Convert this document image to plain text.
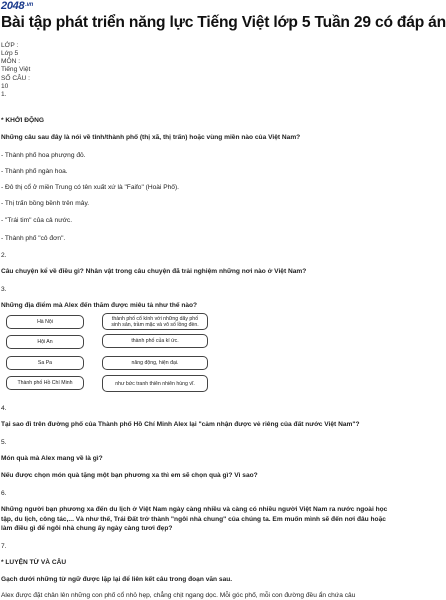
$2048^{.vn}$
Bài tập phát triển năng lực Tiếng Việt lớp 5 Tuần 29 có đáp án
LỚP :
Lớp 5
MÔN :
Tiếng Việt
SỐ CÂU :
10
1.
* KHỞI ĐỘNG
Những câu sau đây là nói về tỉnh/thành phố (thị xã, thị trấn) hoặc vùng miền nào của Việt Nam?
- Thành phố hoa phượng đỏ.
- Thành phố ngàn hoa.
- Đô thị cổ ở miền Trung có tên xuất xứ là "Faifo" (Hoài Phố).
- Thị trấn bồng bềnh trên mây.
- "Trái tim" của cả nước.
- Thành phố "cô đơn".
2.
Câu chuyện kể về điều gì? Nhân vật trong câu chuyện đã trải nghiệm những nơi nào ở Việt Nam?
3.
Những địa điểm mà Alex đến thăm được miêu tả như thế nào?
Hà Nội
Hội An
Sa Pa
Thành phố Hồ Chí Minh
thành phố cổ kính với những dãy phố sinh sản, trầm mặc và vô số lồng đèn.
thành phố của kí ức.
năng động, hiện đại.
như bức tranh thiên nhiên hùng vĩ.
4.
Tại sao đi trên đường phố của Thành phố Hồ Chí Minh Alex lại "cảm nhận được vẻ riêng của đất nước Việt Nam"?
5.
Món quà mà Alex mang về là gì?
Nếu được chọn món quà tặng một bạn phương xa thì em sẽ chọn quà gì? Vì sao?
6.
Những người bạn phương xa đến du lịch ở Việt Nam ngày càng nhiều và càng có nhiều người Việt Nam ra nước ngoài học tập, du lịch, công tác,... Và như thế, Trái Đất trở thành "ngôi nhà chung" của chúng ta. Em muốn mình sẽ đến nơi đâu hoặc làm điều gì để ngôi nhà chung ấy ngày càng tươi đẹp?
7.
* LUYỆN TỪ VÀ CÂU
Gạch dưới những từ ngữ được lặp lại để liên kết câu trong đoạn văn sau.
Alex được đặt chân lên những con phố cổ nhỏ hẹp, chẳng chịt ngang dọc. Mỗi góc phố, mỗi con đường đều ẩn chứa câu
